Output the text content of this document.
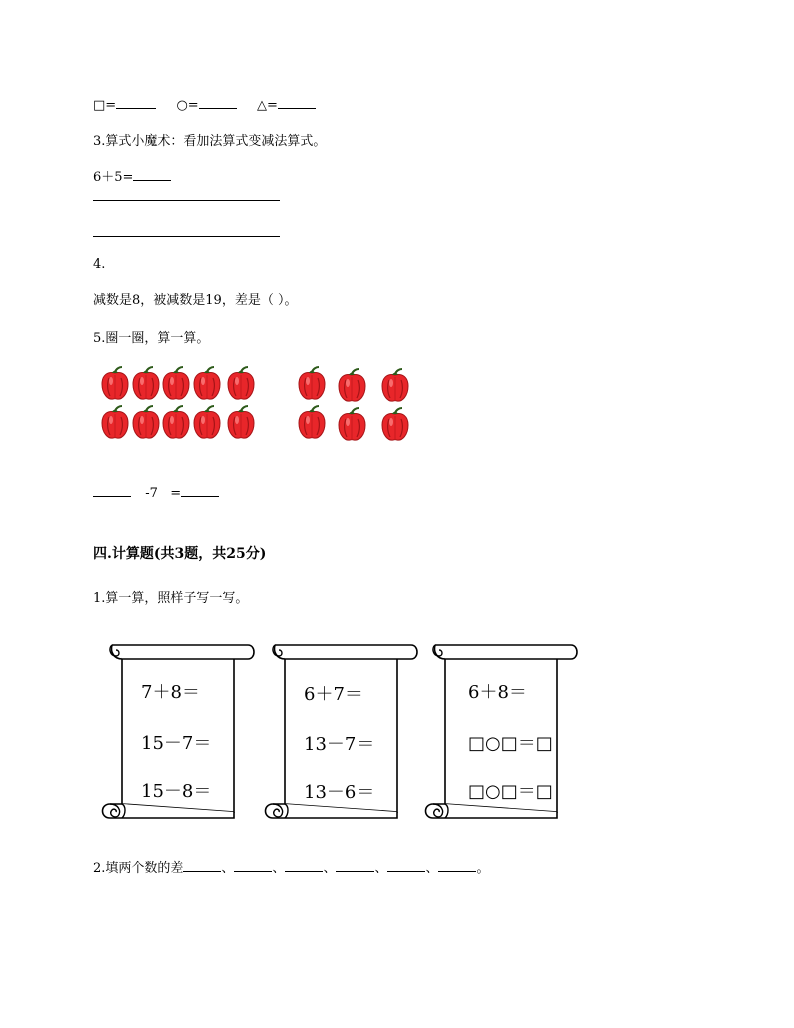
□=	○=	△=
3.算式小魔术：看加法算式变减法算式。
6＋5=
4.
减数是8，被减数是19，差是（ ）。
5.圈一圈，算一算。
-7 =
四.计算题(共3题，共25分)
1.算一算，照样子写一写。
7＋8＝
15－7＝
15－8＝
6＋7＝
13－7＝
13－6＝
6＋8＝
□○□＝□
□○□＝□
2.填两个数的差	、	、	、	、	、	。
